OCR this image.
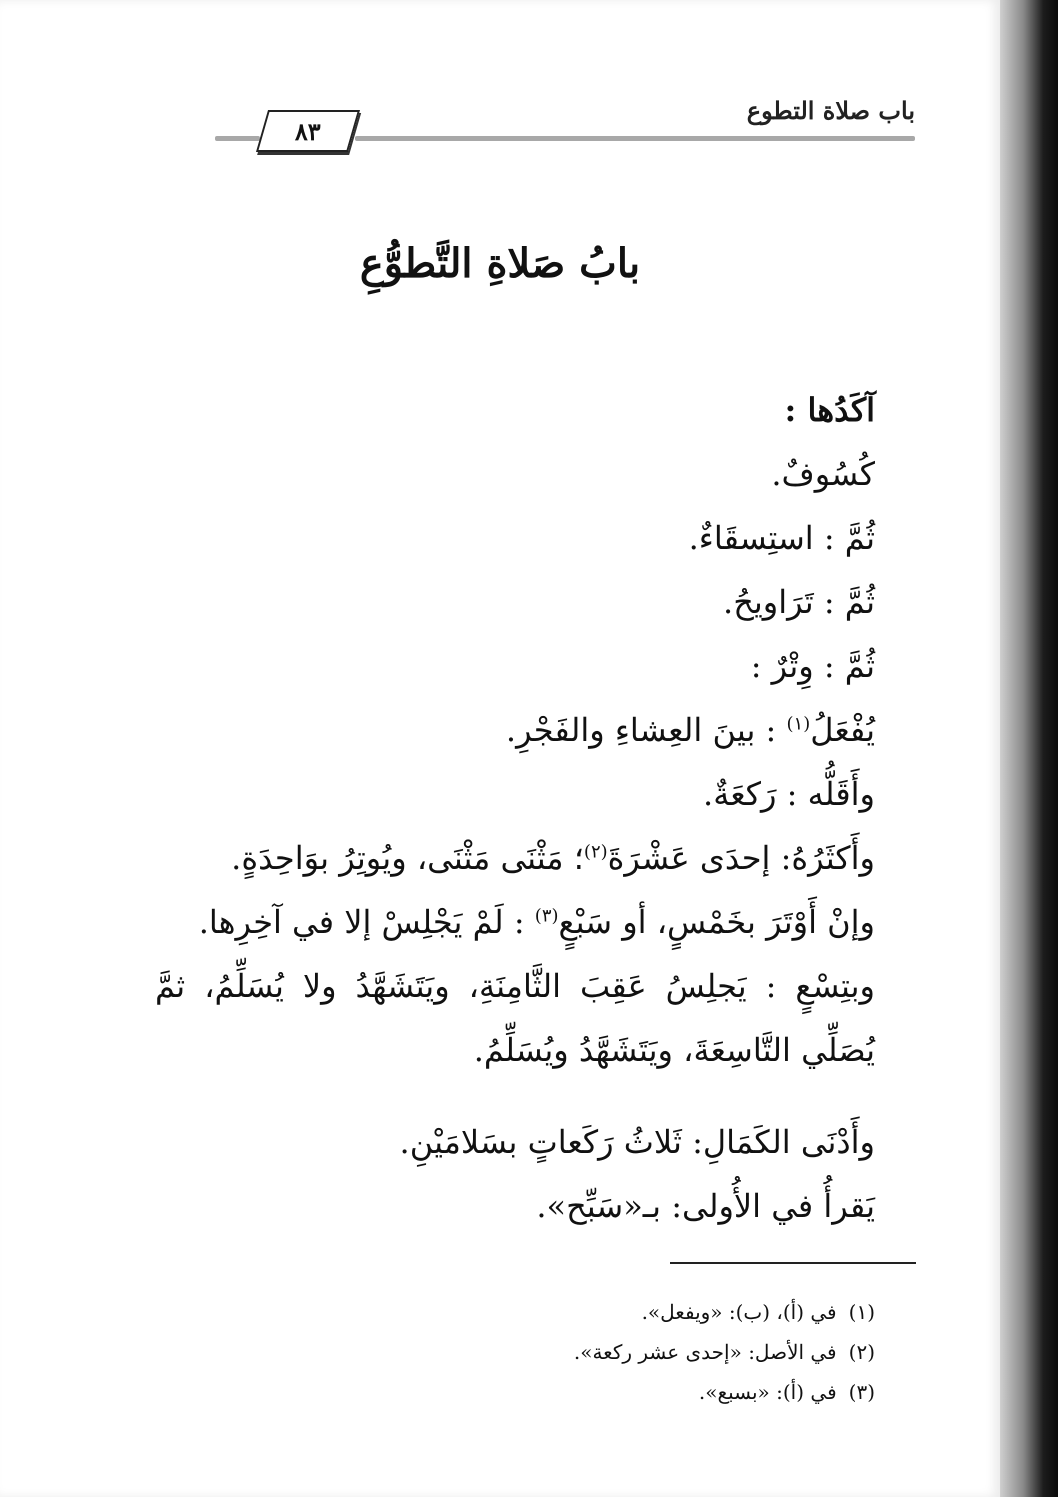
باب صلاة التطوع
٨٣
بابُ صَلاةِ التَّطوُّعِ
آكَدُها :
كُسُوفٌ.
ثُمَّ : استِسقَاءٌ.
ثُمَّ : تَرَاويحُ.
ثُمَّ : وِتْرٌ :
يُفْعَلُ$^{(١)}$ : بينَ العِشاءِ والفَجْرِ.
وأَقَلُّه : رَكعَةٌ.
وأَكثَرُهُ: إحدَى عَشْرَةَ$^{(٢)}$؛ مَثْنَى مَثْنَى، ويُوتِرُ بوَاحِدَةٍ.
وإنْ أَوْتَرَ بخَمْسٍ، أو سَبْعٍ$^{(٣)}$ : لَمْ يَجْلِسْ إلا في آخِرِها.
وبتِسْعٍ : يَجلِسُ عَقِبَ الثَّامِنَةِ، ويَتَشَهَّدُ ولا يُسَلِّمُ، ثمَّ
يُصَلِّي التَّاسِعَةَ، ويَتَشَهَّدُ ويُسَلِّمُ.
وأَدْنَى الكَمَالِ: ثَلاثُ رَكَعاتٍ بسَلامَيْنِ.
يَقرأُ في الأُولى: بـ«سَبِّح».
(١)في (أ)، (ب): «ويفعل».
(٢)في الأصل: «إحدى عشر ركعة».
(٣)في (أ): «بسبع».
